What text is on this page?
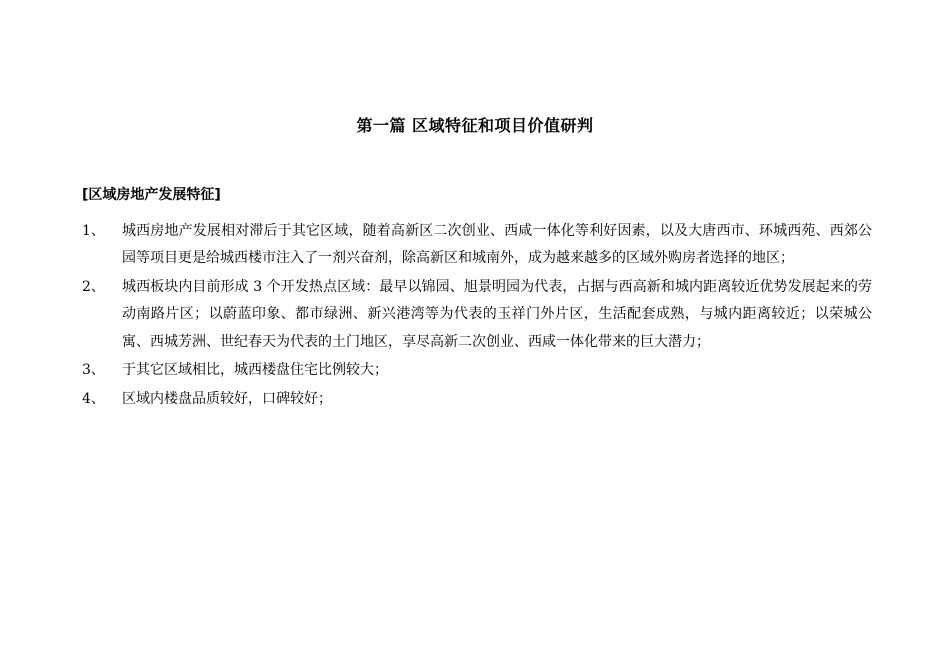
第一篇 区域特征和项目价值研判
[区域房地产发展特征]
1、	城西房地产发展相对滞后于其它区域，随着高新区二次创业、西咸一体化等利好因素，以及大唐西市、环城西苑、西郊公园等项目更是给城西楼市注入了一剂兴奋剂，除高新区和城南外，成为越来越多的区域外购房者选择的地区；
2、	城西板块内目前形成 3 个开发热点区域：最早以锦园、旭景明园为代表，占据与西高新和城内距离较近优势发展起来的劳动南路片区；以蔚蓝印象、都市绿洲、新兴港湾等为代表的玉祥门外片区，生活配套成熟，与城内距离较近；以荣城公寓、西城芳洲、世纪春天为代表的土门地区，享尽高新二次创业、西咸一体化带来的巨大潜力；
3、	于其它区域相比，城西楼盘住宅比例较大；
4、	区域内楼盘品质较好，口碑较好；
